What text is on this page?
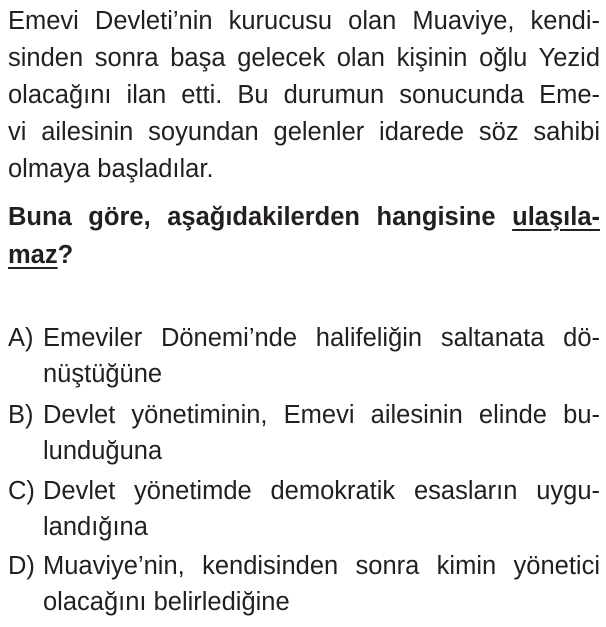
Emevi Devleti’nin kurucusu olan Muaviye, kendi-
sinden sonra başa gelecek olan kişinin oğlu Yezid
olacağını ilan etti. Bu durumun sonucunda Eme-
vi ailesinin soyundan gelenler idarede söz sahibi
olmaya başladılar.
Buna göre, aşağıdakilerden hangisine ulaşıla-
maz?
A) Emeviler Dönemi’nde halifeliğin saltanata dö-
nüştüğüne
B) Devlet yönetiminin, Emevi ailesinin elinde bu-
lunduğuna
C) Devlet yönetimde demokratik esasların uygu-
landığına
D) Muaviye’nin, kendisinden sonra kimin yönetici
olacağını belirlediğine
